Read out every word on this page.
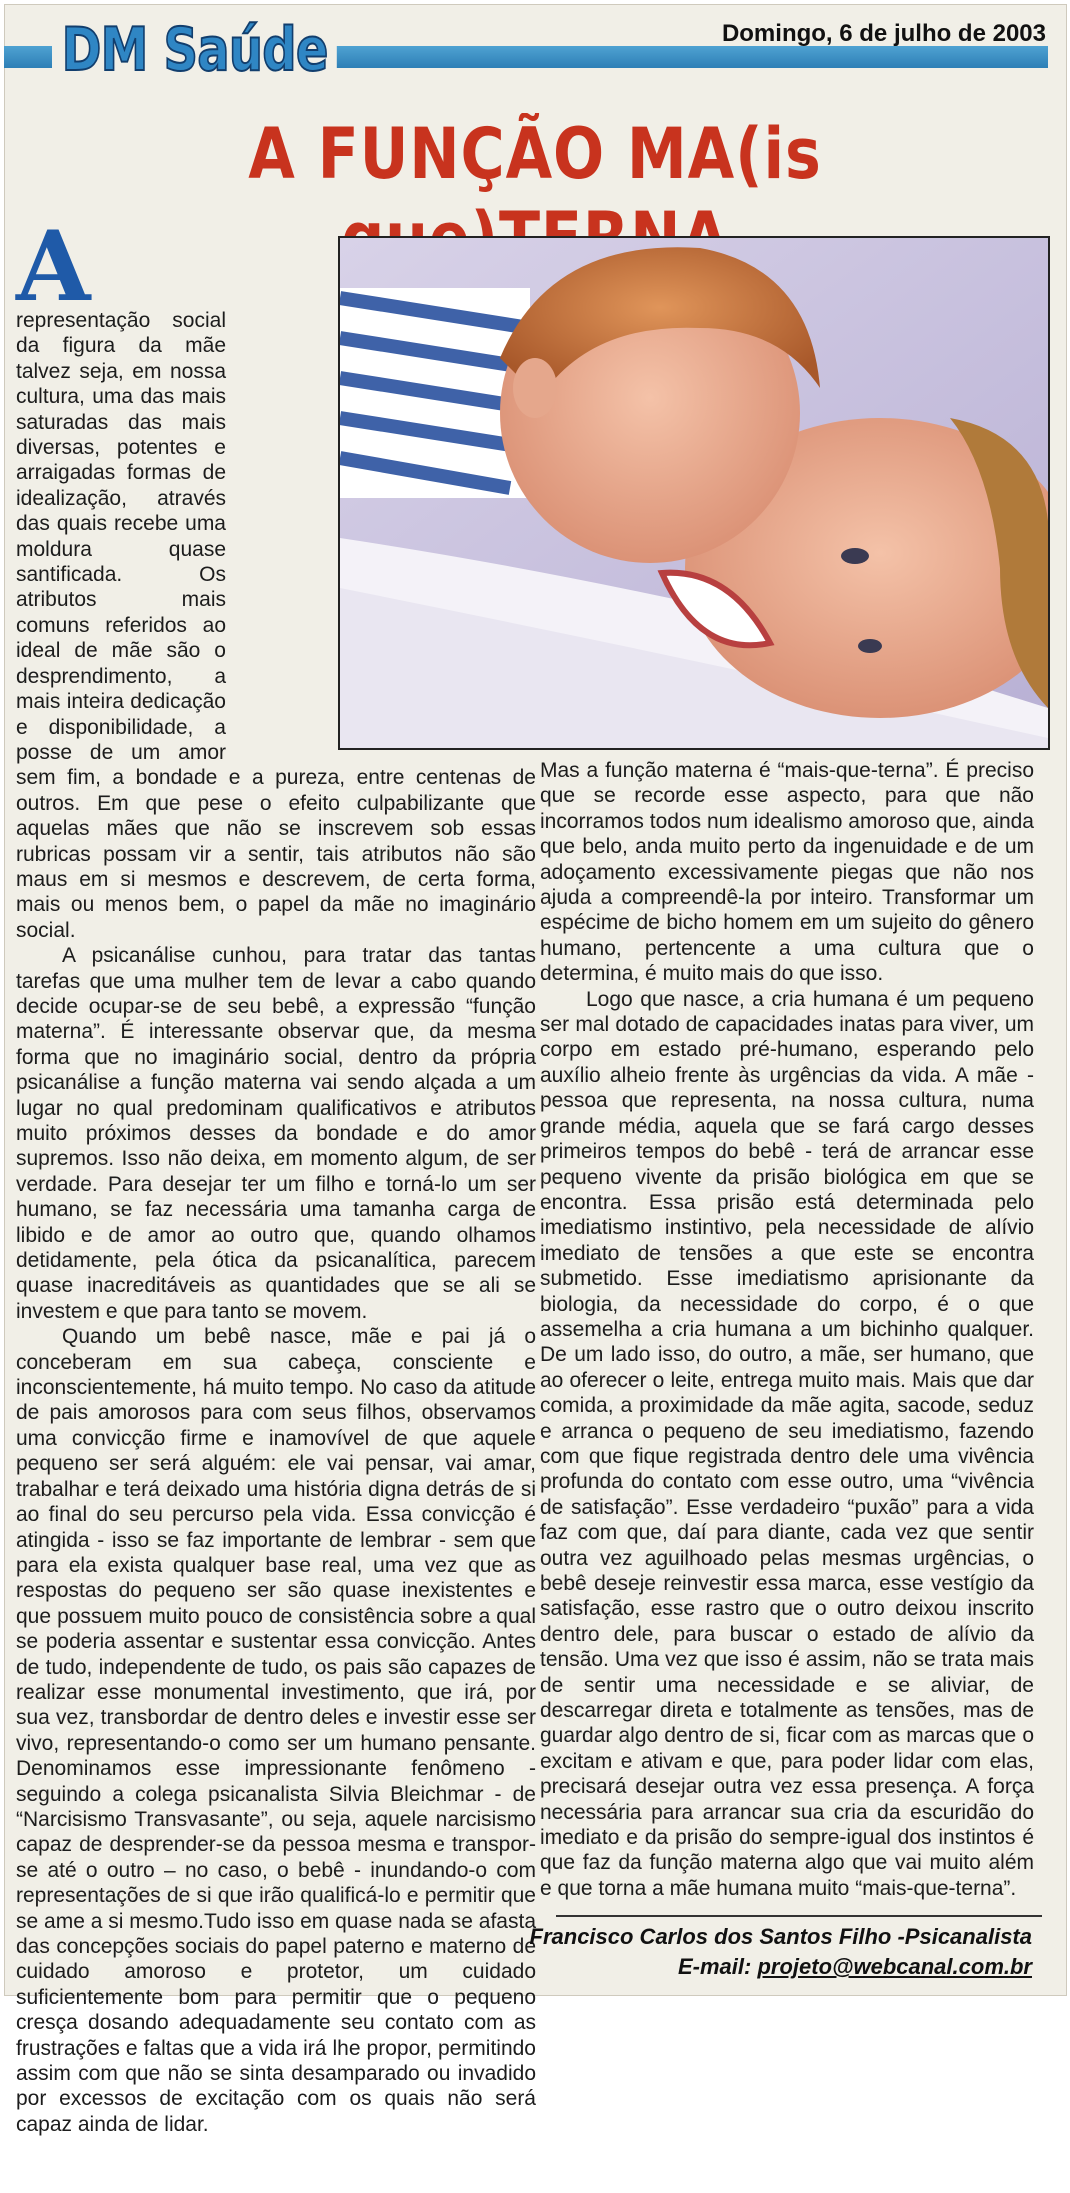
DM Saúde	Domingo, 6 de julho de 2003
A FUNÇÃO MA(is
A

representação social da figura da mãe talvez seja, em nossa cultura, uma das mais saturadas das mais diversas, potentes e arraigadas formas de idealização, através das quais recebe uma moldura quase santificada. Os atributos mais comuns referidos ao ideal de mãe são o desprendimento, a mais inteira dedicação e disponibilidade, a posse de um amor sem fim, a bondade e a pureza, entre centenas de outros. Em que pese o efeito culpabilizante que aquelas mães que não se inscrevem sob essas rubricas possam vir a sentir, tais atributos não são maus em si mesmos e descrevem, de certa forma, mais ou menos bem, o papel da mãe no imaginário social.

A psicanálise cunhou, para tratar das tantas tarefas que uma mulher tem de levar a cabo quando decide ocupar-se de seu bebê, a expressão “função materna”. É interessante observar que, da mesma forma que no imaginário social, dentro da própria psicanálise a função materna vai sendo alçada a um lugar no qual predominam qualificativos e atributos muito próximos desses da bondade e do amor supremos. Isso não deixa, em momento algum, de ser verdade. Para desejar ter um filho e torná-lo um ser humano, se faz necessária uma tamanha carga de libido e de amor ao outro que, quando olhamos detidamente, pela ótica da psicanalítica, parecem quase inacreditáveis as quantidades que se ali se investem e que para tanto se movem.

Quando um bebê nasce, mãe e pai já o conceberam em sua cabeça, consciente e inconscientemente, há muito tempo. No caso da atitude de pais amorosos para com seus filhos, observamos uma convicção firme e inamovível de que aquele pequeno ser será alguém: ele vai pensar, vai amar, trabalhar e terá deixado uma história digna detrás de si ao final do seu percurso pela vida. Essa convicção é atingida - isso se faz importante de lembrar - sem que para ela exista qualquer base real, uma vez que as respostas do pequeno ser são quase inexistentes e que possuem muito pouco de consistência sobre a qual se poderia assentar e sustentar essa convicção. Antes de tudo, independente de tudo, os pais são capazes de realizar esse monumental investimento, que irá, por sua vez, transbordar de dentro deles e investir esse ser vivo, representando-o como ser um humano pensante. Denominamos esse impressionante fenômeno - seguindo a colega psicanalista Silvia Bleichmar - de “Narcisismo Transvasante”, ou seja, aquele narcisismo capaz de desprender-se da pessoa mesma e transpor-se até o outro – no caso, o bebê - inundando-o com representações de si que irão qualificá-lo e permitir que se ame a si mesmo.Tudo isso em quase nada se afasta das concepções sociais do papel paterno e materno de cuidado amoroso e protetor, um cuidado suficientemente bom para permitir que o pequeno cresça dosando adequadamente seu contato com as frustrações e faltas que a vida irá lhe propor, permitindo assim com que não se sinta desamparado ou invadido por excessos de excitação com os quais não será capaz ainda de lidar.

Mas a função materna é “mais-que-terna”. É preciso que se recorde esse aspecto, para que não incorramos todos num idealismo amoroso que, ainda que belo, anda muito perto da ingenuidade e de um adoçamento excessivamente piegas que não nos ajuda a compreendê-la por inteiro. Transformar um espécime de bicho homem em um sujeito do gênero humano, pertencente a uma cultura que o determina, é muito mais do que isso.

Logo que nasce, a cria humana é um pequeno ser mal dotado de capacidades inatas para viver, um corpo em estado pré-humano, esperando pelo auxílio alheio frente às urgências da vida. A mãe - pessoa que representa, na nossa cultura, numa grande média, aquela que se fará cargo desses primeiros tempos do bebê - terá de arrancar esse pequeno vivente da prisão biológica em que se encontra. Essa prisão está determinada pelo imediatismo instintivo, pela necessidade de alívio imediato de tensões a que este se encontra submetido. Esse imediatismo aprisionante da biologia, da necessidade do corpo, é o que assemelha a cria humana a um bichinho qualquer. De um lado isso, do outro, a mãe, ser humano, que ao oferecer o leite, entrega muito mais. Mais que dar comida, a proximidade da mãe agita, sacode, seduz e arranca o pequeno de seu imediatismo, fazendo com que fique registrada dentro dele uma vivência profunda do contato com esse outro, uma “vivência de satisfação”. Esse verdadeiro “puxão” para a vida faz com que, daí para diante, cada vez que sentir outra vez aguilhoado pelas mesmas urgências, o bebê deseje reinvestir essa marca, esse vestígio da satisfação, esse rastro que o outro deixou inscrito dentro dele, para buscar o estado de alívio da tensão. Uma vez que isso é assim, não se trata mais de sentir uma necessidade e se aliviar, de descarregar direta e totalmente as tensões, mas de guardar algo dentro de si, ficar com as marcas que o excitam e ativam e que, para poder lidar com elas, precisará desejar outra vez essa presença. A força necessária para arrancar sua cria da escuridão do imediato e da prisão do sempre-igual dos instintos é que faz da função materna algo que vai muito além e que torna a mãe humana muito “mais-que-terna”.

Francisco Carlos dos Santos Filho -Psicanalista
E-mail: projeto@webcanal.com.br
